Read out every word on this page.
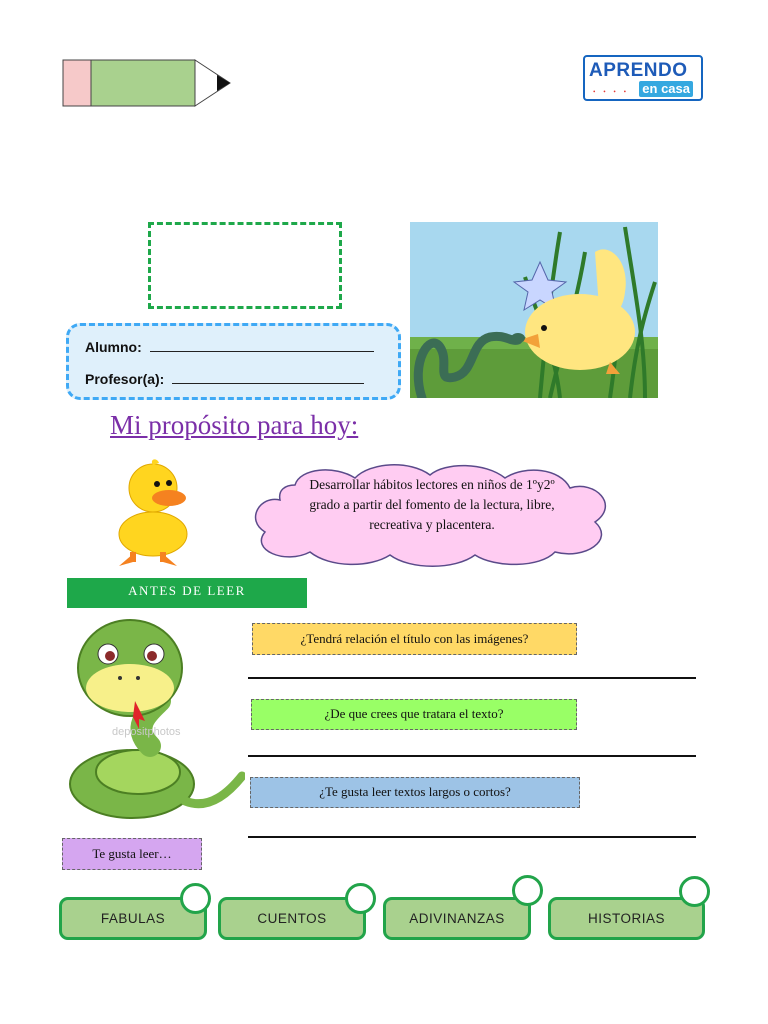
APRENDO
• • • • en casa
Alumno:
Profesor(a):
Mi propósito para hoy:
Desarrollar hábitos lectores en niños de 1ºy2º
grado a partir del fomento de la lectura, libre,
recreativa y placentera.
ANTES DE LEER
depositphotos
¿Tendrá relación el título con las imágenes?
¿De que crees que tratara el texto?
¿Te gusta leer textos largos o cortos?
Te gusta leer…
FABULAS	CUENTOS	ADIVINANZAS	HISTORIAS
